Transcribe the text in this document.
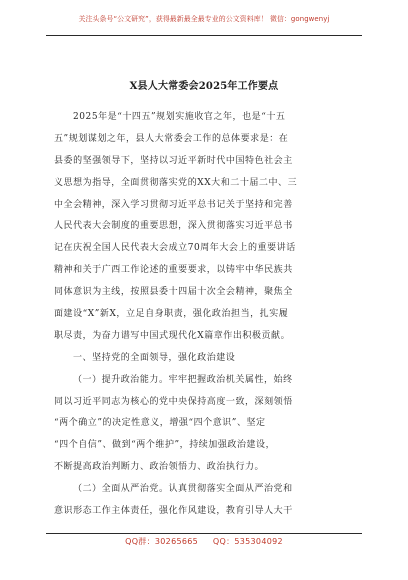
关注头条号“公文研究”，获得最新最全最专业的公文资料库！ 微信：gongwenyj
X县人大常委会2025年工作要点
2025年是“十四五”规划实施收官之年，也是“十五
五”规划谋划之年，县人大常委会工作的总体要求是：在
县委的坚强领导下，坚持以习近平新时代中国特色社会主
义思想为指导，全面贯彻落实党的XX大和二十届二中、三
中全会精神，深入学习贯彻习近平总书记关于坚持和完善
人民代表大会制度的重要思想，深入贯彻落实习近平总书
记在庆祝全国人民代表大会成立70周年大会上的重要讲话
精神和关于广西工作论述的重要要求，以铸牢中华民族共
同体意识为主线，按照县委十四届十次全会精神，聚焦全
面建设“X”新X，立足自身职责，强化政治担当，扎实履
职尽责，为奋力谱写中国式现代化X篇章作出积极贡献。
一、坚持党的全面领导，强化政治建设
（一）提升政治能力。牢牢把握政治机关属性，始终
同以习近平同志为核心的党中央保持高度一致，深刻领悟
“两个确立”的决定性意义，增强“四个意识”、坚定
“四个自信”、做到“两个维护”，持续加强政治建设，
不断提高政治判断力、政治领悟力、政治执行力。
（二）全面从严治党。认真贯彻落实全面从严治党和
意识形态工作主体责任，强化作风建设，教育引导人大干
QQ群：30265665 QQ：535304092
